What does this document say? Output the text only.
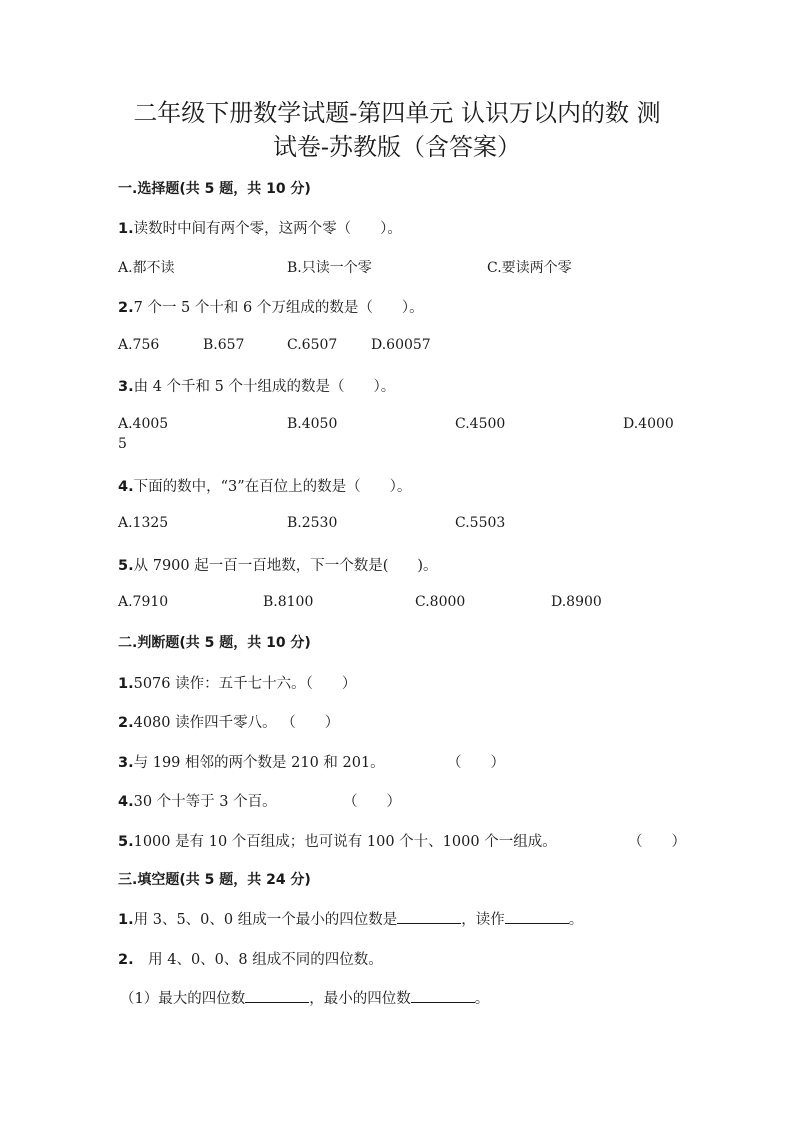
二年级下册数学试题-第四单元 认识万以内的数 测
试卷-苏教版（含答案）
一.选择题(共 5 题，共 10 分)
1.读数时中间有两个零，这两个零（　　）。
A.都不读	B.只读一个零	C.要读两个零
2.7 个一 5 个十和 6 个万组成的数是（　　）。
A.756	B.657	C.6507 D.60057
3.由 4 个千和 5 个十组成的数是（　　）。
A.4005	B.4050	C.4500	D.4000
5
4.下面的数中，“3”在百位上的数是（　　）。
A.1325	B.2530	C.5503
5.从 7900 起一百一百地数，下一个数是(　　)。
A.7910	B.8100	C.8000	D.8900
二.判断题(共 5 题，共 10 分)
1.5076 读作：五千七十六。（　　）
2.4080 读作四千零八。 （　　）
3.与 199 相邻的两个数是 210 和 201。	（　　）
4.30 个十等于 3 个百。	（　　）
5.1000 是有 10 个百组成；也可说有 100 个十、1000 个一组成。	（　　）
三.填空题(共 5 题，共 24 分)
1.用 3、5、0、0 组成一个最小的四位数是	，读作	。
2.　用 4、0、0、8 组成不同的四位数。
（1）最大的四位数	，最小的四位数	。
